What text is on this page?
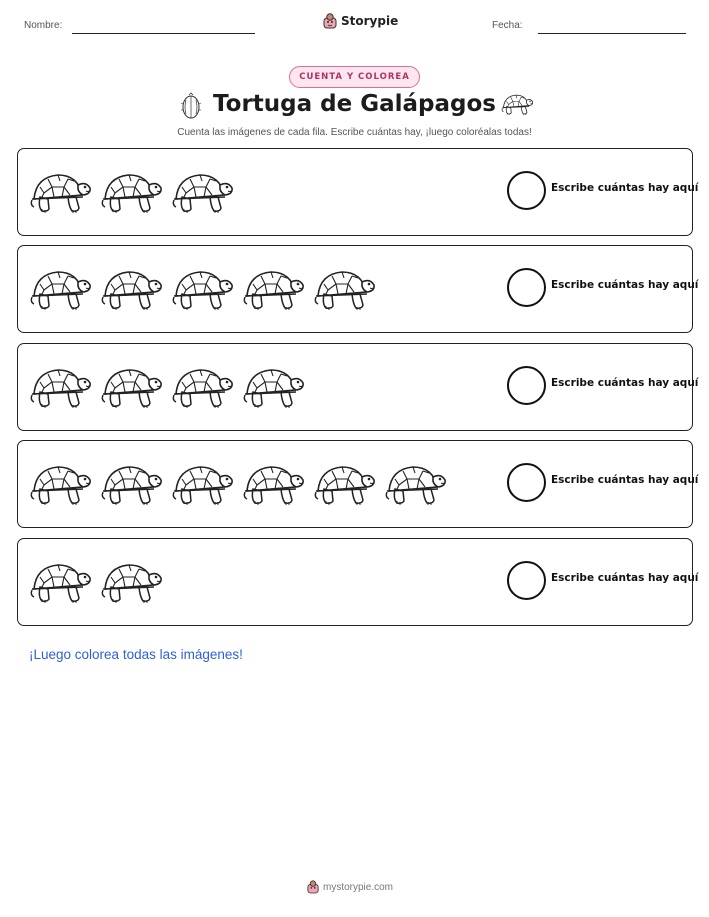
Nombre:	Storypie	Fecha:
CUENTA Y COLOREA
Tortuga de Galápagos
Cuenta las imágenes de cada fila. Escribe cuántas hay, ¡luego coloréalas todas!
Escribe cuántas hay aquí
Escribe cuántas hay aquí
Escribe cuántas hay aquí
Escribe cuántas hay aquí
Escribe cuántas hay aquí
¡Luego colorea todas las imágenes!
mystorypie.com
